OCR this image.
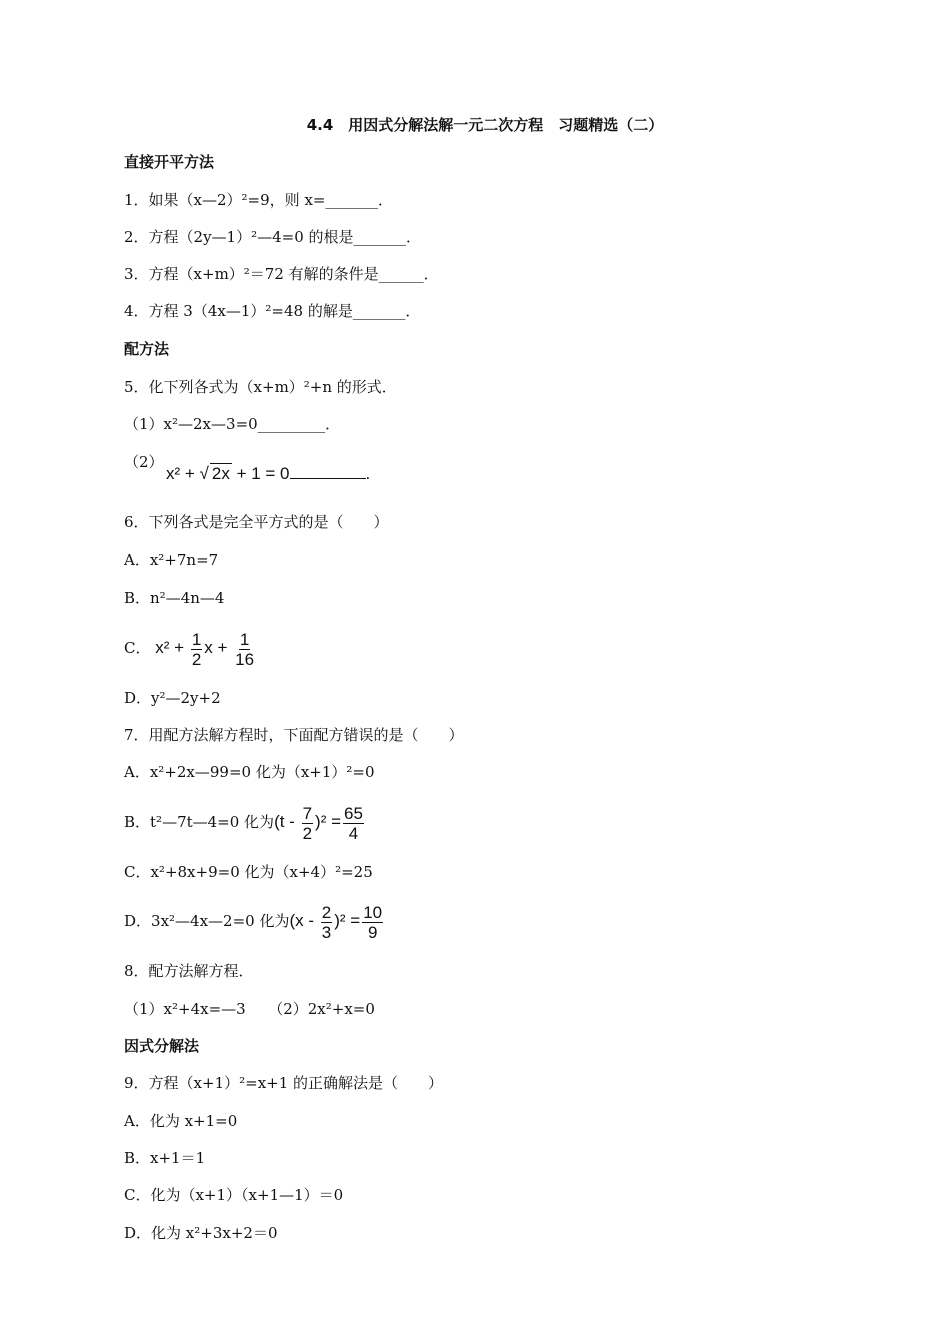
4.4　用因式分解法解一元二次方程　习题精选（二）
直接开平方法
1．如果（x—2）²=9，则 x=_______．
2．方程（2y—1）²—4=0 的根是_______．
3．方程（x+m）²＝72 有解的条件是______．
4．方程 3（4x—1）²=48 的解是_______．
配方法
5．化下列各式为（x+m）²+n 的形式．
（1）x²—2x—3=0_________．
（2）
x² + √ 2x + 1 = 0	.
6．下列各式是完全平方式的是（　　）
A．x²+7n=7
B．n²—4n—4
C． $x^2 + \frac{1}{2}$ $x + \frac{1}{16}$
D．y²—2y+2
7．用配方法解方程时，下面配方错误的是（　　）
A．x²+2x—99=0 化为（x+1）²=0
B．t²—7t—4=0 化为$(t - \frac{7}{2} )^2 = \frac{65}{4}$
C．x²+8x+9=0 化为（x+4）²=25
D．3x²—4x—2=0 化为$(x - \frac{2}{3} )^2 = \frac{10}{9}$
8．配方法解方程．
（1）x²+4x=—3　　（2）2x²+x=0
因式分解法
9．方程（x+1）²=x+1 的正确解法是（　　）
A．化为 x+1=0
B．x+1＝1
C．化为（x+1）（x+1—1）＝0
D．化为 x²+3x+2＝0
